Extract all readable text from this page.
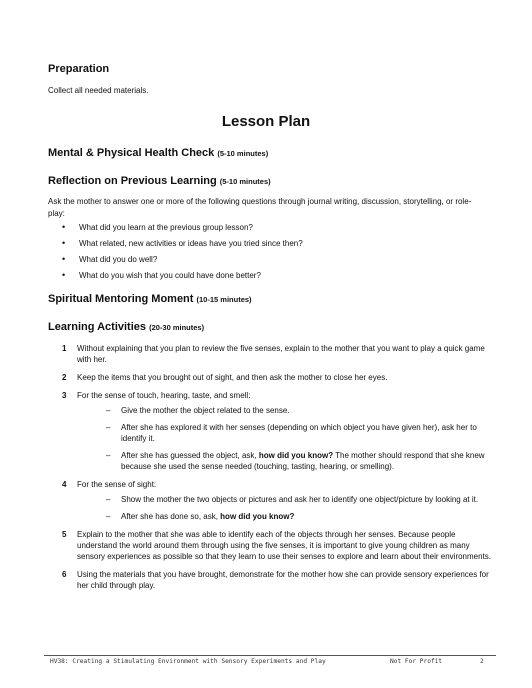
Preparation
Collect all needed materials.
Lesson Plan
Mental & Physical Health Check (5-10 minutes)
Reflection on Previous Learning (5-10 minutes)
Ask the mother to answer one or more of the following questions through journal writing, discussion, storytelling, or role-play:
• What did you learn at the previous group lesson?
• What related, new activities or ideas have you tried since then?
• What did you do well?
• What do you wish that you could have done better?
Spiritual Mentoring Moment (10-15 minutes)
Learning Activities (20-30 minutes)
1 Without explaining that you plan to review the five senses, explain to the mother that you want to play a quick game with her.
2 Keep the items that you brought out of sight, and then ask the mother to close her eyes.
3 For the sense of touch, hearing, taste, and smell:
– Give the mother the object related to the sense.
– After she has explored it with her senses (depending on which object you have given her), ask her to identify it.
– After she has guessed the object, ask, how did you know? The mother should respond that she knew because she used the sense needed (touching, tasting, hearing, or smelling).
4 For the sense of sight:
– Show the mother the two objects or pictures and ask her to identify one object/picture by looking at it.
– After she has done so, ask, how did you know?
5 Explain to the mother that she was able to identify each of the objects through her senses. Because people understand the world around them through using the five senses, it is important to give young children as many sensory experiences as possible so that they learn to use their senses to explore and learn about their environments.
6 Using the materials that you have brought, demonstrate for the mother how she can provide sensory experiences for her child through play.
HV38: Creating a Stimulating Environment with Sensory Experiments and Play	Not For Profit	2
